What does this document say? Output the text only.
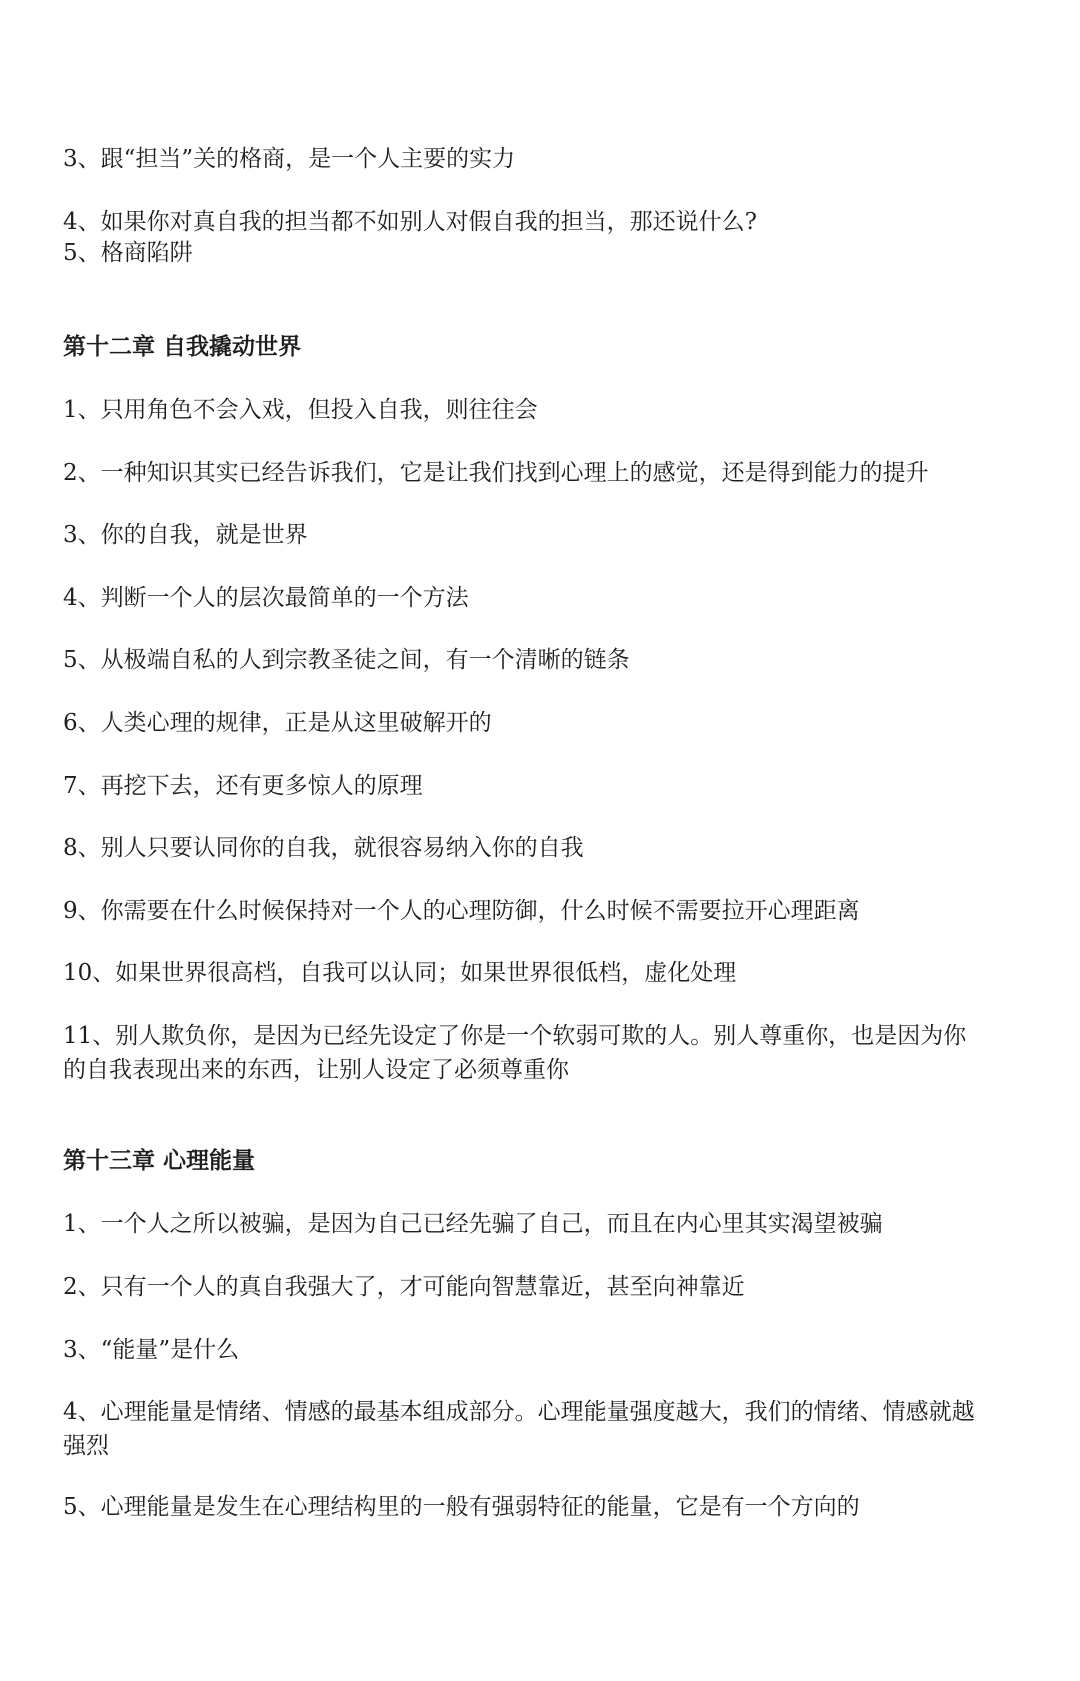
3、跟“担当”关的格商，是一个人主要的实力
4、如果你对真自我的担当都不如别人对假自我的担当，那还说什么?
5、格商陷阱
第十二章 自我撬动世界
1、只用角色不会入戏，但投入自我，则往往会
2、一种知识其实已经告诉我们，它是让我们找到心理上的感觉，还是得到能力的提升
3、你的自我，就是世界
4、判断一个人的层次最简单的一个方法
5、从极端自私的人到宗教圣徒之间，有一个清晰的链条
6、人类心理的规律，正是从这里破解开的
7、再挖下去，还有更多惊人的原理
8、别人只要认同你的自我，就很容易纳入你的自我
9、你需要在什么时候保持对一个人的心理防御，什么时候不需要拉开心理距离
10、如果世界很高档，自我可以认同；如果世界很低档，虚化处理
11、别人欺负你，是因为已经先设定了你是一个软弱可欺的人。别人尊重你，也是因为你的自我表现出来的东西，让别人设定了必须尊重你
第十三章 心理能量
1、一个人之所以被骗，是因为自己已经先骗了自己，而且在内心里其实渴望被骗
2、只有一个人的真自我强大了，才可能向智慧靠近，甚至向神靠近
3、“能量”是什么
4、心理能量是情绪、情感的最基本组成部分。心理能量强度越大，我们的情绪、情感就越强烈
5、心理能量是发生在心理结构里的一般有强弱特征的能量，它是有一个方向的
